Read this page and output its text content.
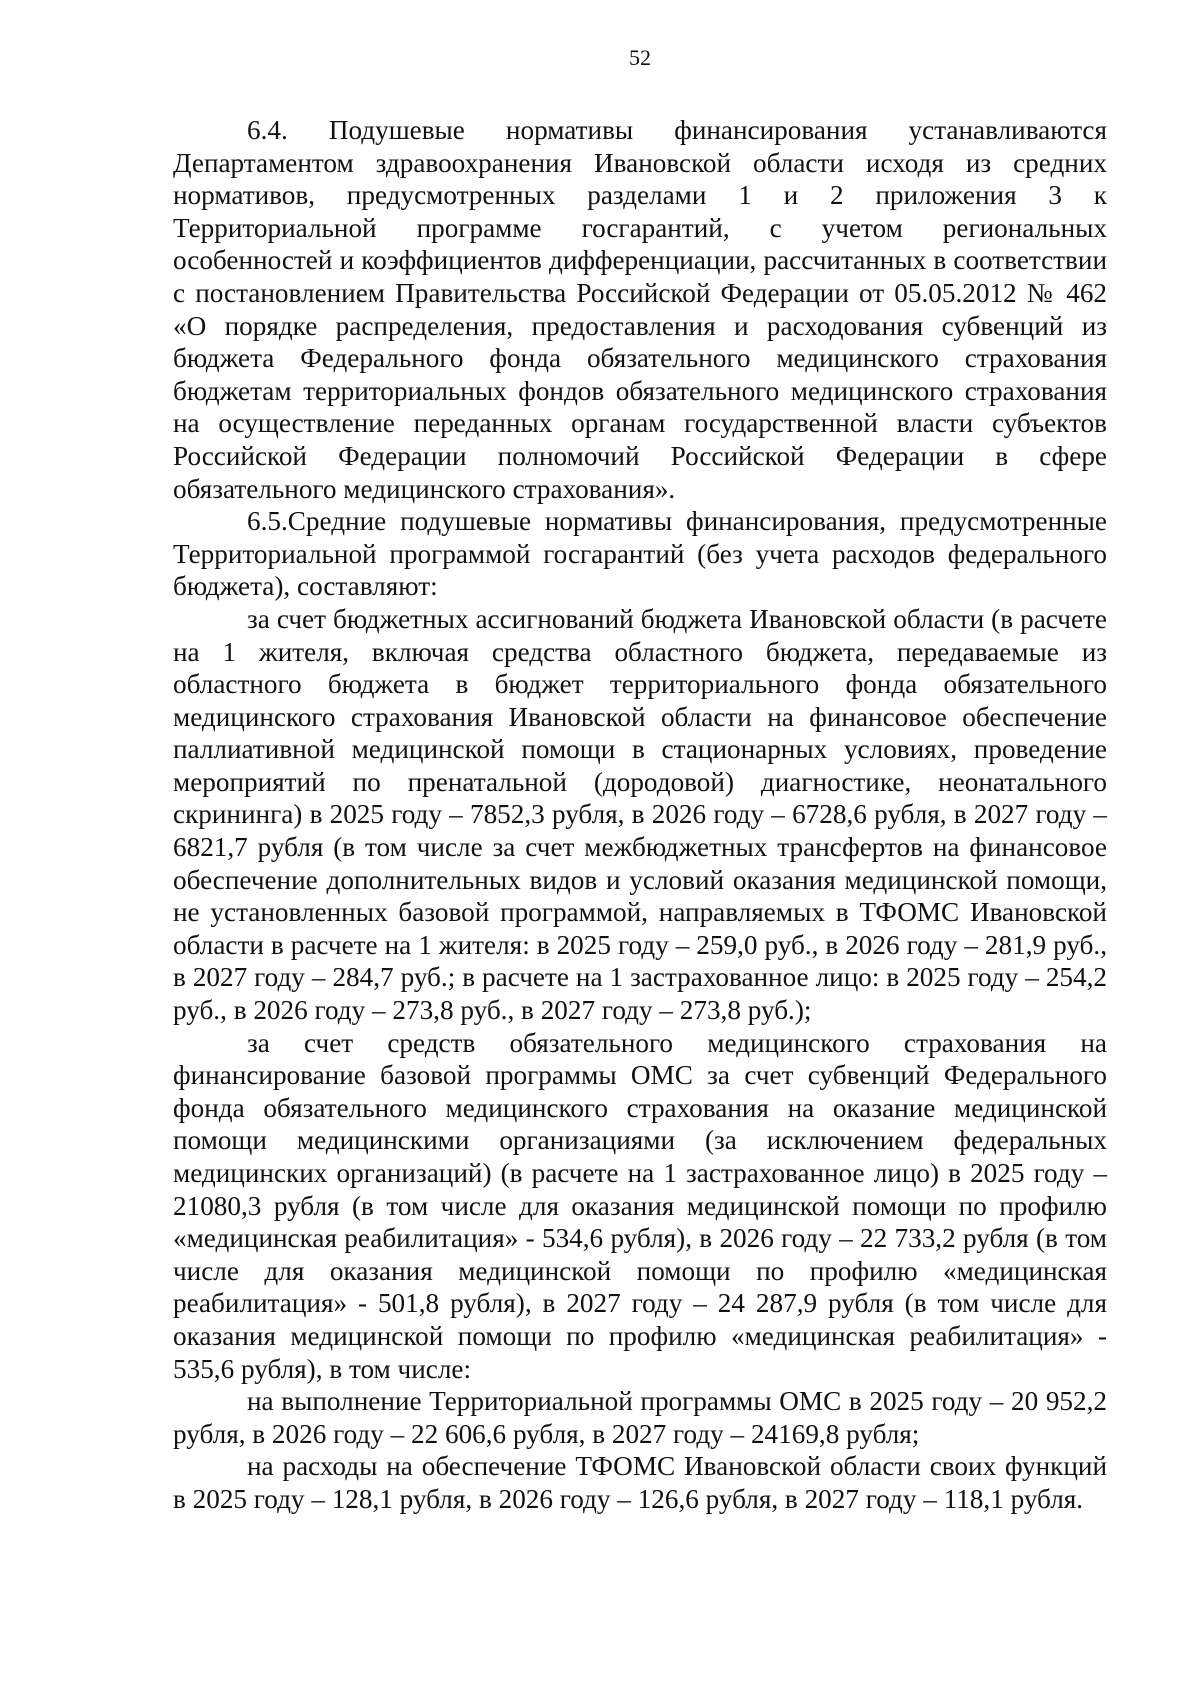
52

6.4. Подушевые нормативы финансирования устанавливаются Департаментом здравоохранения Ивановской области исходя из средних нормативов, предусмотренных разделами 1 и 2 приложения 3 к Территориальной программе госгарантий, с учетом региональных особенностей и коэффициентов дифференциации, рассчитанных в соответствии с постановлением Правительства Российской Федерации от 05.05.2012 № 462 «О порядке распределения, предоставления и расходования субвенций из бюджета Федерального фонда обязательного медицинского страхования бюджетам территориальных фондов обязательного медицинского страхования на осуществление переданных органам государственной власти субъектов Российской Федерации полномочий Российской Федерации в сфере обязательного медицинского страхования».

6.5.Средние подушевые нормативы финансирования, предусмотренные Территориальной программой госгарантий (без учета расходов федерального бюджета), составляют:

за счет бюджетных ассигнований бюджета Ивановской области (в расчете на 1 жителя, включая средства областного бюджета, передаваемые из областного бюджета в бюджет территориального фонда обязательного медицинского страхования Ивановской области на финансовое обеспечение паллиативной медицинской помощи в стационарных условиях, проведение мероприятий по пренатальной (дородовой) диагностике, неонатального скрининга) в 2025 году – 7852,3 рубля, в 2026 году – 6728,6 рубля, в 2027 году – 6821,7 рубля (в том числе за счет межбюджетных трансфертов на финансовое обеспечение дополнительных видов и условий оказания медицинской помощи, не установленных базовой программой, направляемых в ТФОМС Ивановской области в расчете на 1 жителя: в 2025 году – 259,0 руб., в 2026 году – 281,9 руб., в 2027 году – 284,7 руб.; в расчете на 1 застрахованное лицо: в 2025 году – 254,2 руб., в 2026 году – 273,8 руб., в 2027 году – 273,8 руб.);

за счет средств обязательного медицинского страхования на финансирование базовой программы ОМС за счет субвенций Федерального фонда обязательного медицинского страхования на оказание медицинской помощи медицинскими организациями (за исключением федеральных медицинских организаций) (в расчете на 1 застрахованное лицо) в 2025 году – 21080,3 рубля (в том числе для оказания медицинской помощи по профилю «медицинская реабилитация» - 534,6 рубля), в 2026 году – 22 733,2 рубля (в том числе для оказания медицинской помощи по профилю «медицинская реабилитация» - 501,8 рубля), в 2027 году – 24 287,9 рубля (в том числе для оказания медицинской помощи по профилю «медицинская реабилитация» - 535,6 рубля), в том числе:

на выполнение Территориальной программы ОМС в 2025 году – 20 952,2 рубля, в 2026 году – 22 606,6 рубля, в 2027 году – 24169,8 рубля;

на расходы на обеспечение ТФОМС Ивановской области своих функций в 2025 году – 128,1 рубля, в 2026 году – 126,6 рубля, в 2027 году – 118,1 рубля.
